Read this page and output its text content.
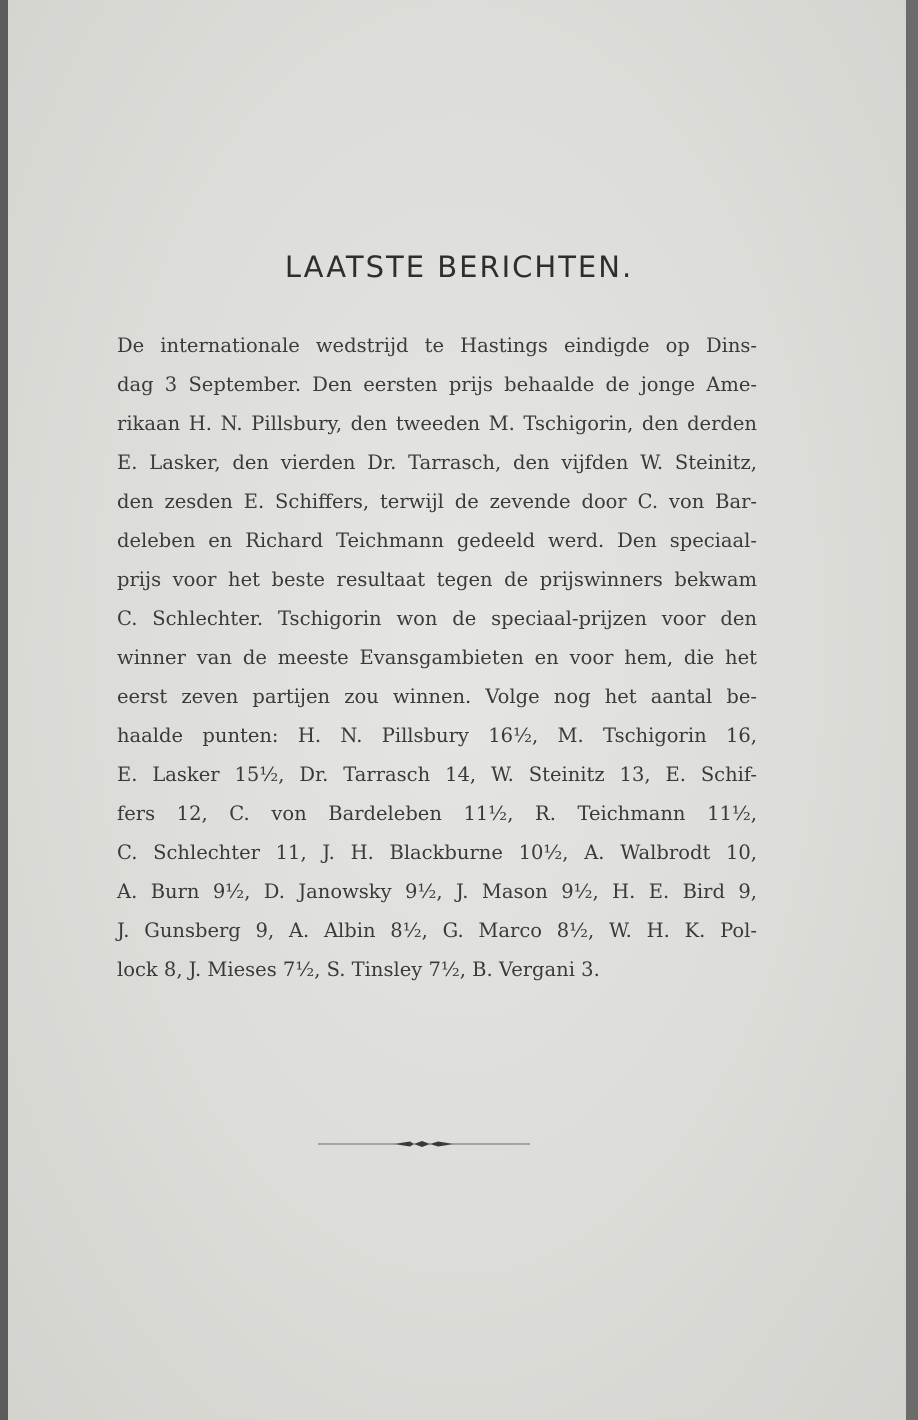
LAATSTE BERICHTEN.
De internationale wedstrijd te Hastings eindigde op Dins-
dag 3 September. Den eersten prijs behaalde de jonge Ame-
rikaan H. N. Pillsbury, den tweeden M. Tschigorin, den derden
E. Lasker, den vierden Dr. Tarrasch, den vijfden W. Steinitz,
den zesden E. Schiffers, terwijl de zevende door C. von Bar-
deleben en Richard Teichmann gedeeld werd. Den speciaal-
prijs voor het beste resultaat tegen de prijswinners bekwam
C. Schlechter. Tschigorin won de speciaal-prijzen voor den
winner van de meeste Evansgambieten en voor hem, die het
eerst zeven partijen zou winnen. Volge nog het aantal be-
haalde punten: H. N. Pillsbury 16½, M. Tschigorin 16,
E. Lasker 15½, Dr. Tarrasch 14, W. Steinitz 13, E. Schif-
fers 12, C. von Bardeleben 11½, R. Teichmann 11½,
C. Schlechter 11, J. H. Blackburne 10½, A. Walbrodt 10,
A. Burn 9½, D. Janowsky 9½, J. Mason 9½, H. E. Bird 9,
J. Gunsberg 9, A. Albin 8½, G. Marco 8½, W. H. K. Pol-
lock 8, J. Mieses 7½, S. Tinsley 7½, B. Vergani 3.
